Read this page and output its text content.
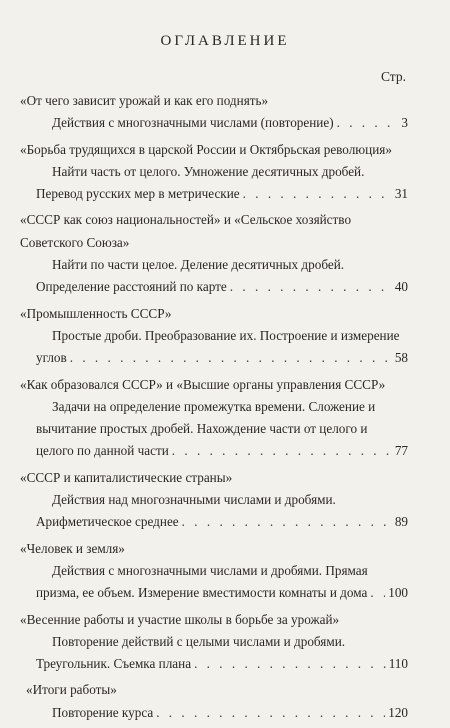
ОГЛАВЛЕНИЕ
Стр.
«От чего зависит урожай и как его поднять»
Действия с многозначными числами (повторение) . . .	3
«Борьба трудящихся в царской России и Октябрьская революция»
Найти часть от целого. Умножение десятичных дробей.
Перевод русских мер в метрические . . .	31
«СССР как союз национальностей» и «Сельское хозяйство
Советского Союза»
Найти по части целое. Деление десятичных дробей.
Определение расстояний по карте . . .	40
«Промышленность СССР»
Простые дроби. Преобразование их. Построение и измерение
углов . . .	58
«Как образовался СССР» и «Высшие органы управления СССР»
Задачи на определение промежутка времени. Сложение и
вычитание простых дробей. Нахождение части от целого и
целого по данной части . . .	77
«СССР и капиталистические страны»
Действия над многозначными числами и дробями.
Арифметическое среднее . . .	89
«Человек и земля»
Действия с многозначными числами и дробями. Прямая
призма, ее объем. Измерение вместимости комнаты и дома . . . 100
«Весенние работы и участие школы в борьбе за урожай»
Повторение действий с целыми числами и дробями.
Треугольник. Съемка плана . . .	110
«Итоги работы»
Повторение курса . . .	120
